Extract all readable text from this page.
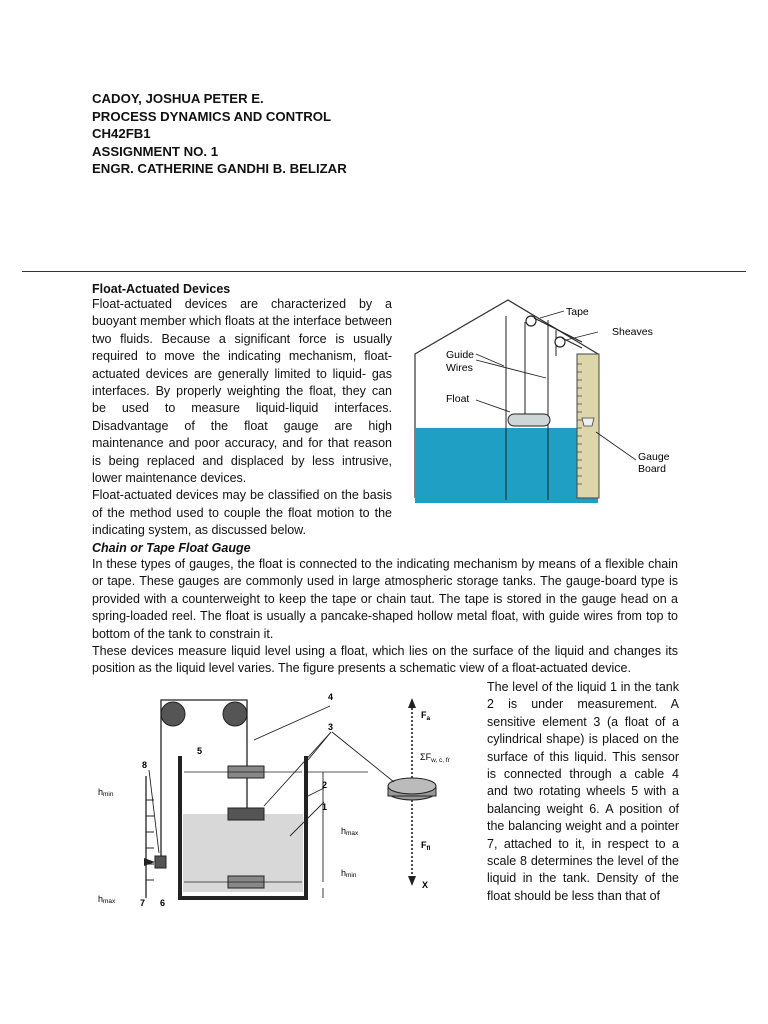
CADOY, JOSHUA PETER E.
PROCESS DYNAMICS AND CONTROL
CH42FB1
ASSIGNMENT NO. 1
ENGR. CATHERINE GANDHI B. BELIZAR
Float-Actuated Devices

Float-actuated devices are characterized by a buoyant member which floats at the interface between two fluids. Because a significant force is usually required to move the indicating mechanism, float-actuated devices are generally limited to liquid- gas interfaces. By properly weighting the float, they can be used to measure liquid-liquid interfaces. Disadvantage of the float gauge are high maintenance and poor accuracy, and for that reason is being replaced and displaced by less intrusive, lower maintenance devices.

Float-actuated devices may be classified on the basis of the method used to couple the float motion to the indicating system, as discussed below.

Tape
Sheaves
Guide
Wires
Float
Gauge
Board
Chain or Tape Float Gauge

In these types of gauges, the float is connected to the indicating mechanism by means of a flexible chain or tape. These gauges are commonly used in large atmospheric storage tanks. The gauge-board type is provided with a counterweight to keep the tape or chain taut. The tape is stored in the gauge head on a spring-loaded reel. The float is usually a pancake-shaped hollow metal float, with guide wires from top to bottom of the tank to constrain it.

These devices measure liquid level using a float, which lies on the surface of the liquid and changes its position as the liquid level varies. The figure presents a schematic view of a float-actuated device.

4
3
5
8
2
1
7 6
hmin
hmax
hmax
hmin
$F_a$
$\Sigma F_{w, c, fr}$
$F_{fl}$
X

The level of the liquid 1 in the tank 2 is under measurement. A sensitive element 3 (a float of a cylindrical shape) is placed on the surface of this liquid. This sensor is connected through a cable 4 and two rotating wheels 5 with a balancing weight 6. A position of the balancing weight and a pointer 7, attached to it, in respect to a scale 8 determines the level of the liquid in the tank. Density of the float should be less than that of
